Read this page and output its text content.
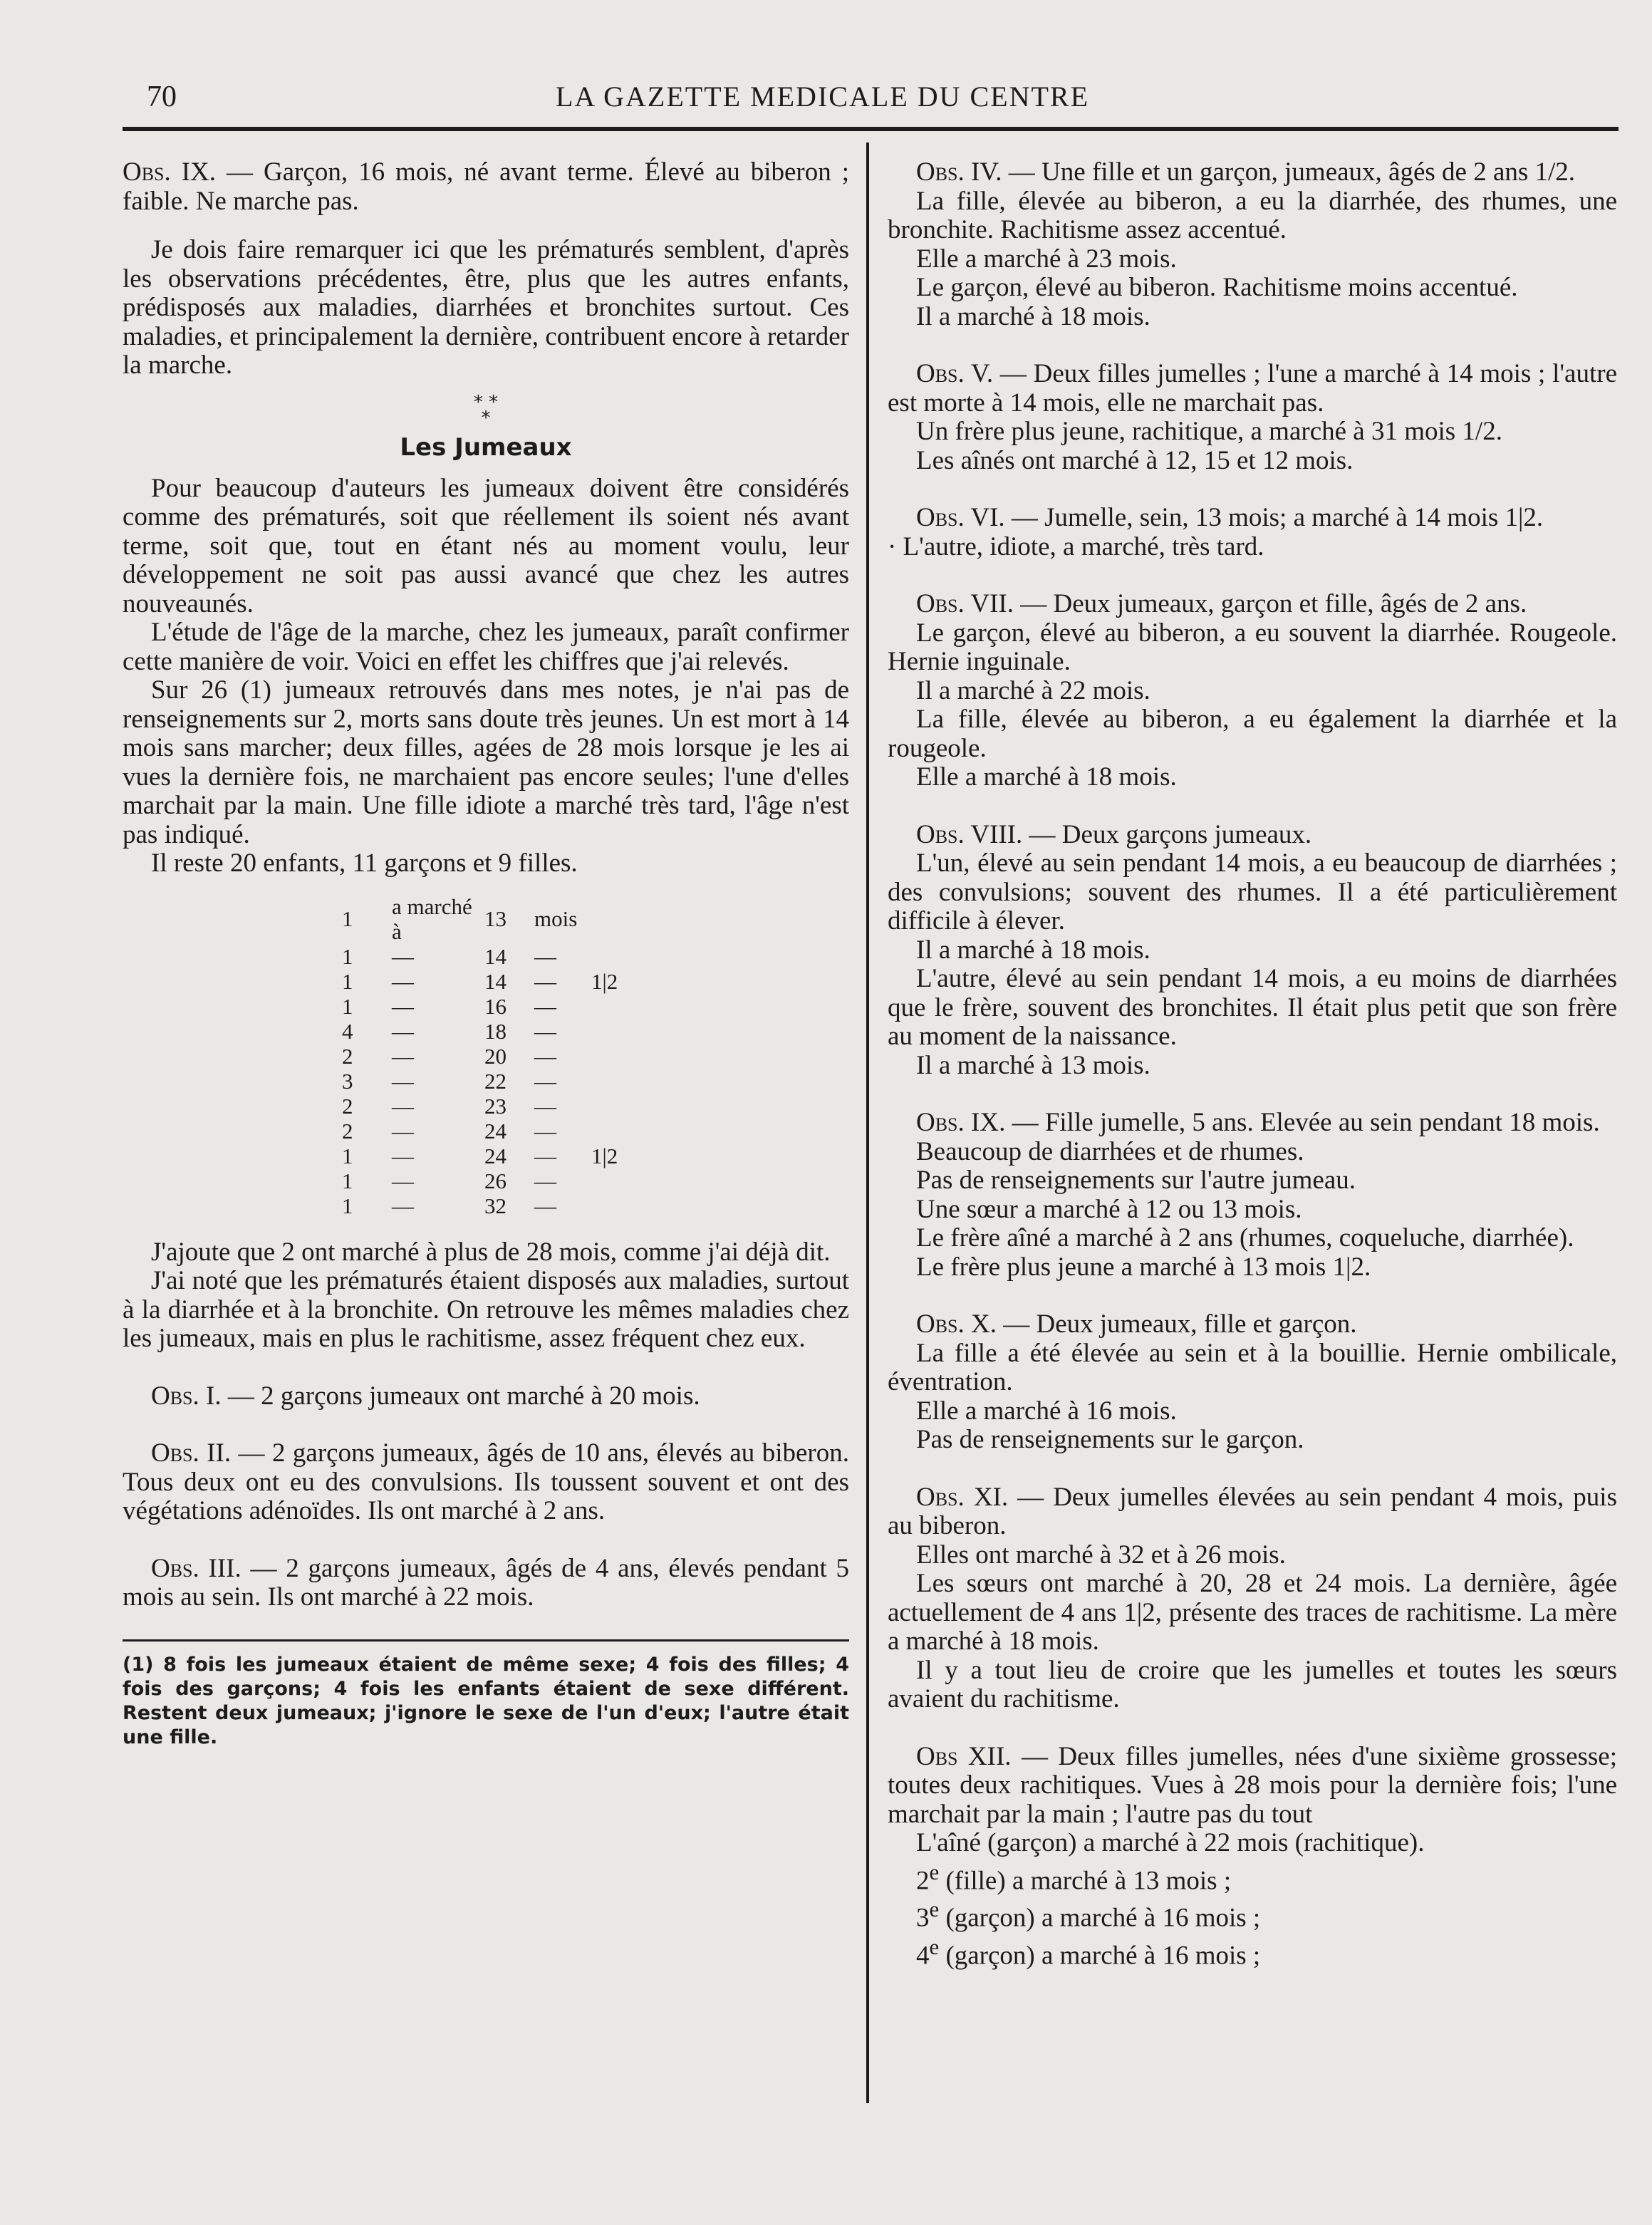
70	LA GAZETTE MEDICALE DU CENTRE

Obs. IX. — Garçon, 16 mois, né avant terme. Élevé au biberon ; faible. Ne marche pas.

Je dois faire remarquer ici que les prématurés semblent, d'après les observations précédentes, être, plus que les autres enfants, prédisposés aux maladies, diarrhées et bronchites surtout. Ces maladies, et principalement la dernière, contribuent encore à retarder la marche.

* *
*
Les Jumeaux

Pour beaucoup d'auteurs les jumeaux doivent être considérés comme des prématurés, soit que réellement ils soient nés avant terme, soit que, tout en étant nés au moment voulu, leur développement ne soit pas aussi avancé que chez les autres nouveaunés.

L'étude de l'âge de la marche, chez les jumeaux, paraît confirmer cette manière de voir. Voici en effet les chiffres que j'ai relevés.

Sur 26 (1) jumeaux retrouvés dans mes notes, je n'ai pas de renseignements sur 2, morts sans doute très jeunes. Un est mort à 14 mois sans marcher; deux filles, agées de 28 mois lorsque je les ai vues la dernière fois, ne marchaient pas encore seules; l'une d'elles marchait par la main. Une fille idiote a marché très tard, l'âge n'est pas indiqué.

Il reste 20 enfants, 11 garçons et 9 filles.

1	a marché à	13	mois	
1	—	14	—	
1	—	14	—	1|2
1	—	16	—	
4	—	18	—	
2	—	20	—	
3	—	22	—	
2	—	23	—	
2	—	24	—	
1	—	24	—	1|2
1	—	26	—	
1	—	32	—	

J'ajoute que 2 ont marché à plus de 28 mois, comme j'ai déjà dit.

J'ai noté que les prématurés étaient disposés aux maladies, surtout à la diarrhée et à la bronchite. On retrouve les mêmes maladies chez les jumeaux, mais en plus le rachitisme, assez fréquent chez eux.

Obs. I. — 2 garçons jumeaux ont marché à 20 mois.

Obs. II. — 2 garçons jumeaux, âgés de 10 ans, élevés au biberon. Tous deux ont eu des convulsions. Ils toussent souvent et ont des végétations adénoïdes. Ils ont marché à 2 ans.

Obs. III. — 2 garçons jumeaux, âgés de 4 ans, élevés pendant 5 mois au sein. Ils ont marché à 22 mois.

(1) 8 fois les jumeaux étaient de même sexe; 4 fois des filles; 4 fois des garçons; 4 fois les enfants étaient de sexe différent. Restent deux jumeaux; j'ignore le sexe de l'un d'eux; l'autre était une fille.

Obs. IV. — Une fille et un garçon, jumeaux, âgés de 2 ans 1/2.

La fille, élevée au biberon, a eu la diarrhée, des rhumes, une bronchite. Rachitisme assez accentué.

Elle a marché à 23 mois.

Le garçon, élevé au biberon. Rachitisme moins accentué.

Il a marché à 18 mois.

Obs. V. — Deux filles jumelles ; l'une a marché à 14 mois ; l'autre est morte à 14 mois, elle ne marchait pas.

Un frère plus jeune, rachitique, a marché à 31 mois 1/2.

Les aînés ont marché à 12, 15 et 12 mois.

Obs. VI. — Jumelle, sein, 13 mois; a marché à 14 mois 1|2.

· L'autre, idiote, a marché, très tard.

Obs. VII. — Deux jumeaux, garçon et fille, âgés de 2 ans.

Le garçon, élevé au biberon, a eu souvent la diarrhée. Rougeole. Hernie inguinale.

Il a marché à 22 mois.

La fille, élevée au biberon, a eu également la diarrhée et la rougeole.

Elle a marché à 18 mois.

Obs. VIII. — Deux garçons jumeaux.

L'un, élevé au sein pendant 14 mois, a eu beaucoup de diarrhées ; des convulsions; souvent des rhumes. Il a été particulièrement difficile à élever.

Il a marché à 18 mois.

L'autre, élevé au sein pendant 14 mois, a eu moins de diarrhées que le frère, souvent des bronchites. Il était plus petit que son frère au moment de la naissance.

Il a marché à 13 mois.

Obs. IX. — Fille jumelle, 5 ans. Elevée au sein pendant 18 mois.

Beaucoup de diarrhées et de rhumes.

Pas de renseignements sur l'autre jumeau.

Une sœur a marché à 12 ou 13 mois.

Le frère aîné a marché à 2 ans (rhumes, coqueluche, diarrhée).

Le frère plus jeune a marché à 13 mois 1|2.

Obs. X. — Deux jumeaux, fille et garçon.

La fille a été élevée au sein et à la bouillie. Hernie ombilicale, éventration.

Elle a marché à 16 mois.

Pas de renseignements sur le garçon.

Obs. XI. — Deux jumelles élevées au sein pendant 4 mois, puis au biberon.

Elles ont marché à 32 et à 26 mois.

Les sœurs ont marché à 20, 28 et 24 mois. La dernière, âgée actuellement de 4 ans 1|2, présente des traces de rachitisme. La mère a marché à 18 mois.

Il y a tout lieu de croire que les jumelles et toutes les sœurs avaient du rachitisme.

Obs XII. — Deux filles jumelles, nées d'une sixième grossesse; toutes deux rachitiques. Vues à 28 mois pour la dernière fois; l'une marchait par la main ; l'autre pas du tout

L'aîné (garçon) a marché à 22 mois (rachitique).

2e (fille) a marché à 13 mois ;

3e (garçon) a marché à 16 mois ;

4e (garçon) a marché à 16 mois ;
